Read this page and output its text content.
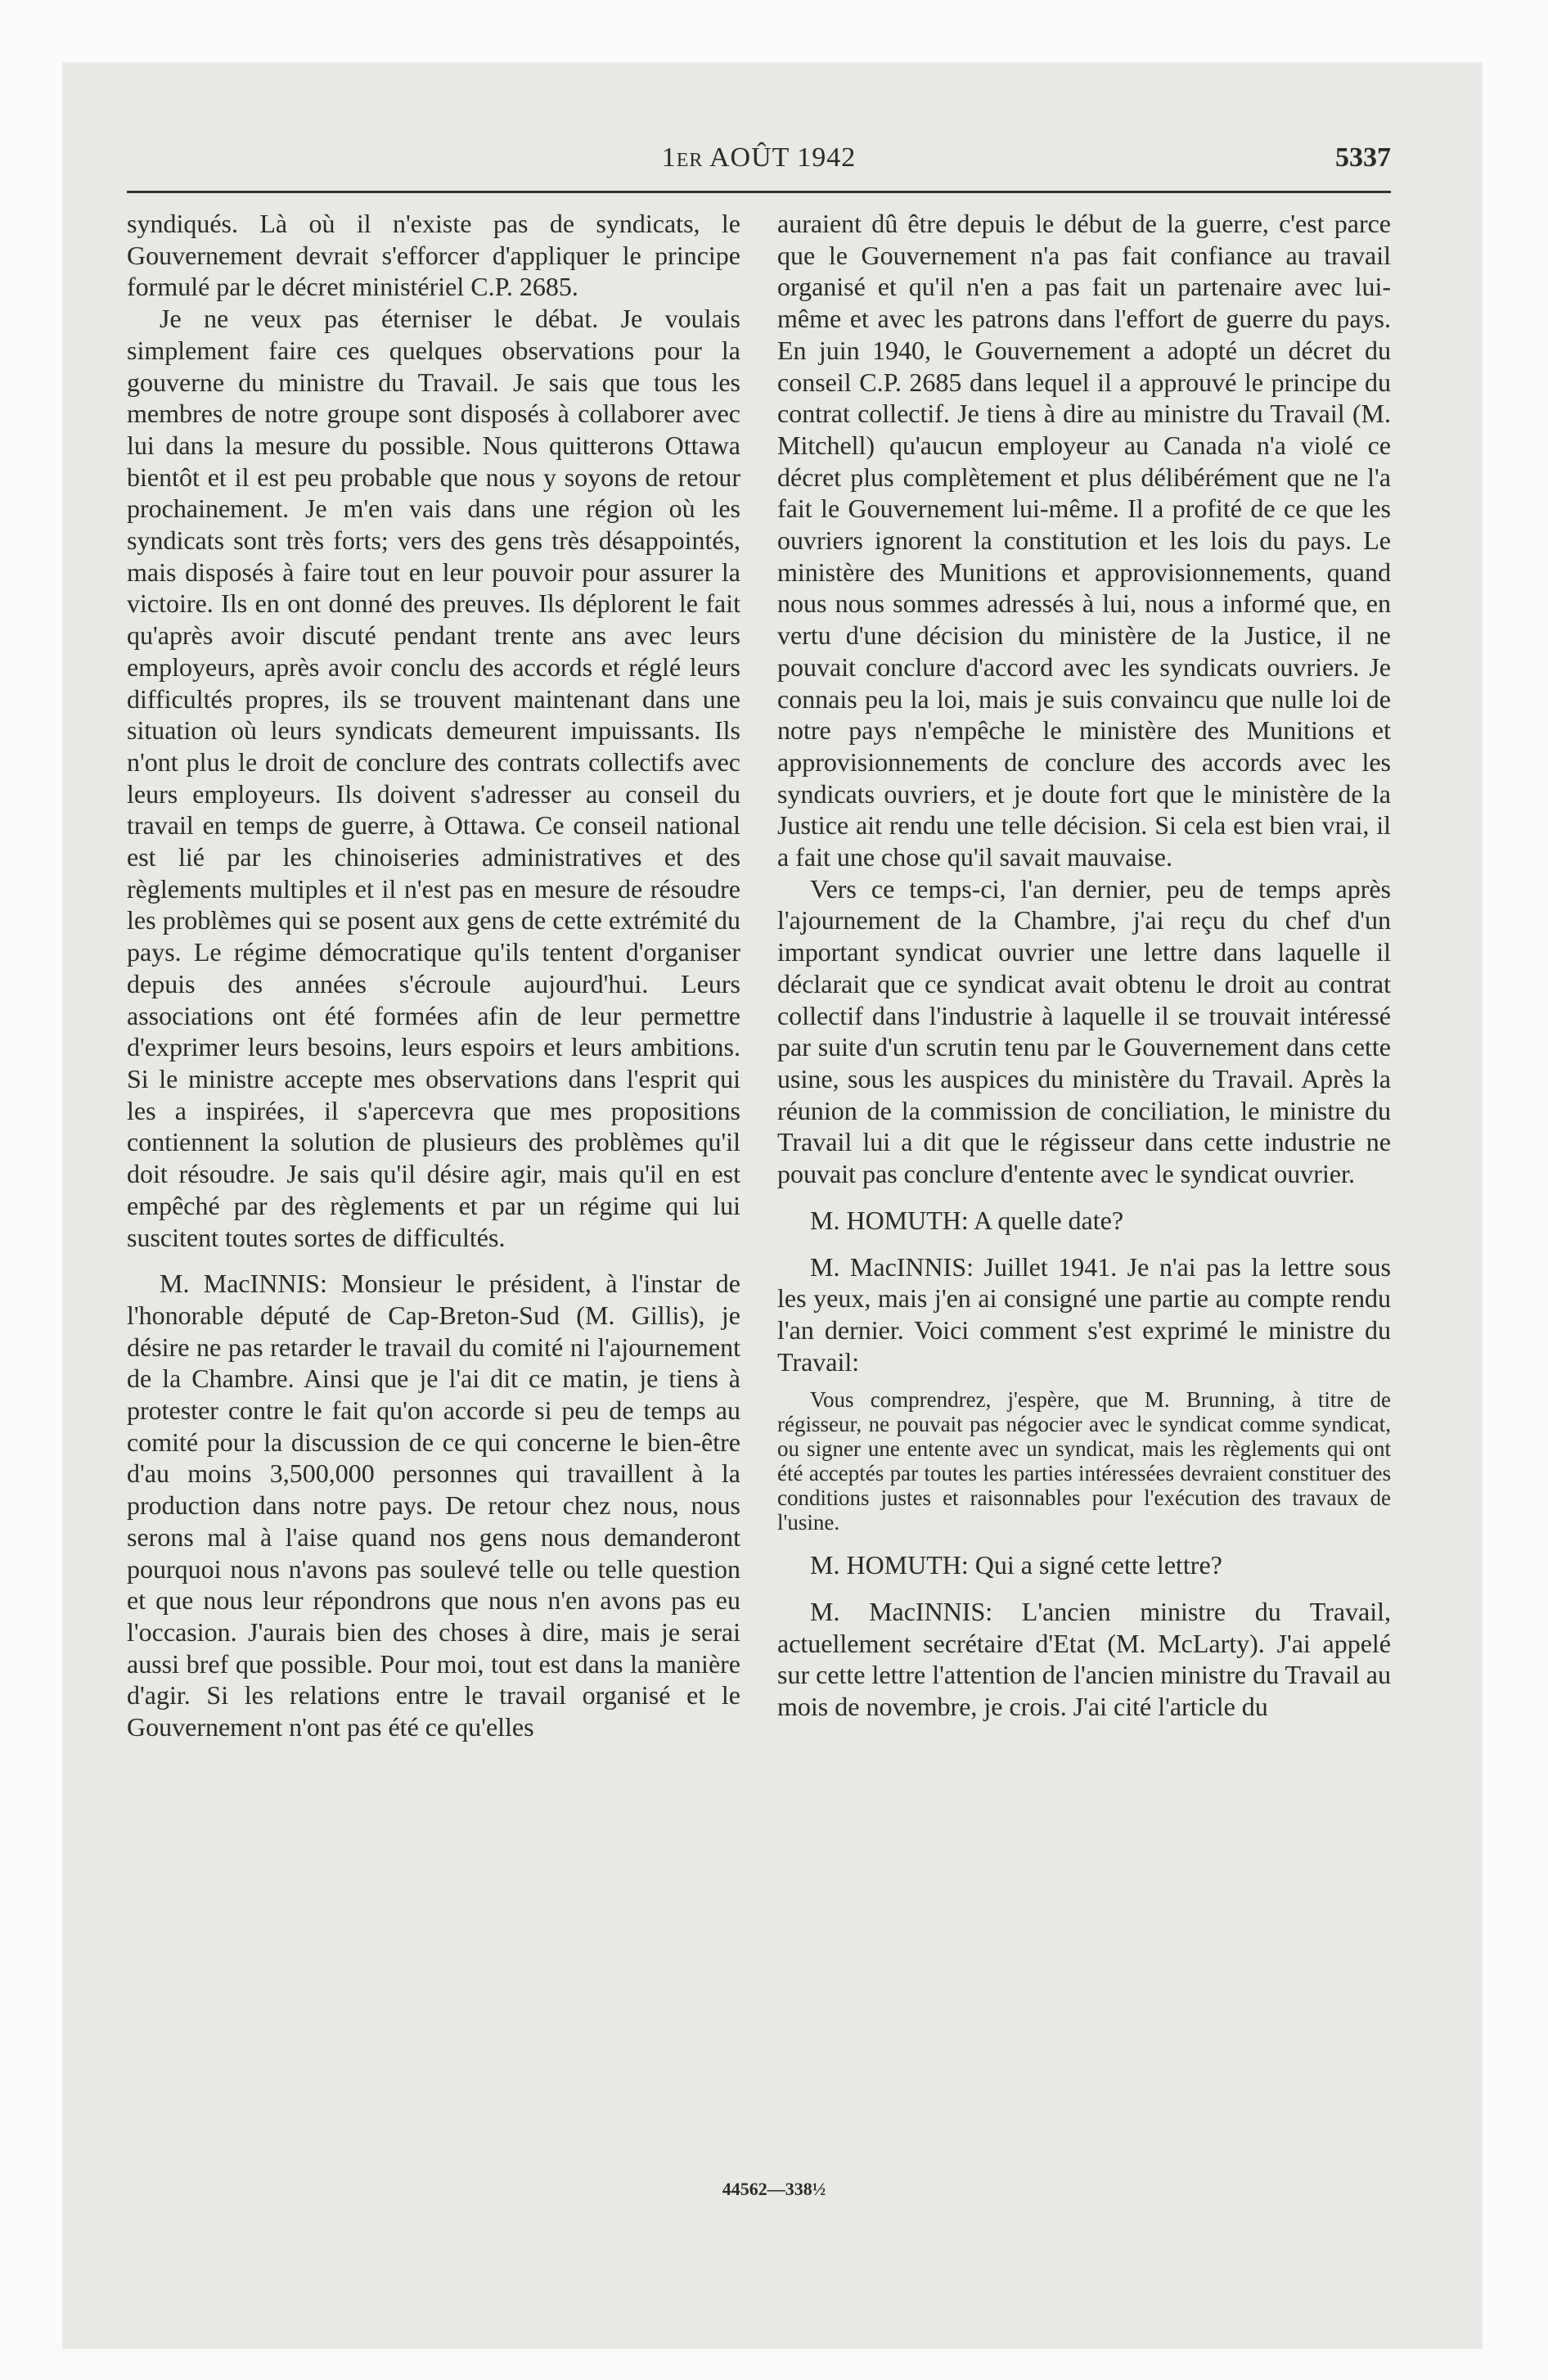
1ER AOÛT 1942	5337

syndiqués. Là où il n'existe pas de syndicats, le Gouvernement devrait s'efforcer d'appliquer le principe formulé par le décret ministériel C.P. 2685.

Je ne veux pas éterniser le débat. Je voulais simplement faire ces quelques observations pour la gouverne du ministre du Travail. Je sais que tous les membres de notre groupe sont disposés à collaborer avec lui dans la mesure du possible. Nous quitterons Ottawa bientôt et il est peu probable que nous y soyons de retour prochainement. Je m'en vais dans une région où les syndicats sont très forts; vers des gens très désappointés, mais disposés à faire tout en leur pouvoir pour assurer la victoire. Ils en ont donné des preuves. Ils déplorent le fait qu'après avoir discuté pendant trente ans avec leurs employeurs, après avoir conclu des accords et réglé leurs difficultés propres, ils se trouvent maintenant dans une situation où leurs syndicats demeurent impuissants. Ils n'ont plus le droit de conclure des contrats collectifs avec leurs employeurs. Ils doivent s'adresser au conseil du travail en temps de guerre, à Ottawa. Ce conseil national est lié par les chinoiseries administratives et des règlements multiples et il n'est pas en mesure de résoudre les problèmes qui se posent aux gens de cette extrémité du pays. Le régime démocratique qu'ils tentent d'organiser depuis des années s'écroule aujourd'hui. Leurs associations ont été formées afin de leur permettre d'exprimer leurs besoins, leurs espoirs et leurs ambitions. Si le ministre accepte mes observations dans l'esprit qui les a inspirées, il s'apercevra que mes propositions contiennent la solution de plusieurs des problèmes qu'il doit résoudre. Je sais qu'il désire agir, mais qu'il en est empêché par des règlements et par un régime qui lui suscitent toutes sortes de difficultés.

M. MacINNIS: Monsieur le président, à l'instar de l'honorable député de Cap-Breton-Sud (M. Gillis), je désire ne pas retarder le travail du comité ni l'ajournement de la Chambre. Ainsi que je l'ai dit ce matin, je tiens à protester contre le fait qu'on accorde si peu de temps au comité pour la discussion de ce qui concerne le bien-être d'au moins 3,500,000 personnes qui travaillent à la production dans notre pays. De retour chez nous, nous serons mal à l'aise quand nos gens nous demanderont pourquoi nous n'avons pas soulevé telle ou telle question et que nous leur répondrons que nous n'en avons pas eu l'occasion. J'aurais bien des choses à dire, mais je serai aussi bref que possible. Pour moi, tout est dans la manière d'agir. Si les relations entre le travail organisé et le Gouvernement n'ont pas été ce qu'elles

auraient dû être depuis le début de la guerre, c'est parce que le Gouvernement n'a pas fait confiance au travail organisé et qu'il n'en a pas fait un partenaire avec lui-même et avec les patrons dans l'effort de guerre du pays. En juin 1940, le Gouvernement a adopté un décret du conseil C.P. 2685 dans lequel il a approuvé le principe du contrat collectif. Je tiens à dire au ministre du Travail (M. Mitchell) qu'aucun employeur au Canada n'a violé ce décret plus complètement et plus délibérément que ne l'a fait le Gouvernement lui-même. Il a profité de ce que les ouvriers ignorent la constitution et les lois du pays. Le ministère des Munitions et approvisionnements, quand nous nous sommes adressés à lui, nous a informé que, en vertu d'une décision du ministère de la Justice, il ne pouvait conclure d'accord avec les syndicats ouvriers. Je connais peu la loi, mais je suis convaincu que nulle loi de notre pays n'empêche le ministère des Munitions et approvisionnements de conclure des accords avec les syndicats ouvriers, et je doute fort que le ministère de la Justice ait rendu une telle décision. Si cela est bien vrai, il a fait une chose qu'il savait mauvaise.

Vers ce temps-ci, l'an dernier, peu de temps après l'ajournement de la Chambre, j'ai reçu du chef d'un important syndicat ouvrier une lettre dans laquelle il déclarait que ce syndicat avait obtenu le droit au contrat collectif dans l'industrie à laquelle il se trouvait intéressé par suite d'un scrutin tenu par le Gouvernement dans cette usine, sous les auspices du ministère du Travail. Après la réunion de la commission de conciliation, le ministre du Travail lui a dit que le régisseur dans cette industrie ne pouvait pas conclure d'entente avec le syndicat ouvrier.

M. HOMUTH: A quelle date?

M. MacINNIS: Juillet 1941. Je n'ai pas la lettre sous les yeux, mais j'en ai consigné une partie au compte rendu l'an dernier. Voici comment s'est exprimé le ministre du Travail:

Vous comprendrez, j'espère, que M. Brunning, à titre de régisseur, ne pouvait pas négocier avec le syndicat comme syndicat, ou signer une entente avec un syndicat, mais les règlements qui ont été acceptés par toutes les parties intéressées devraient constituer des conditions justes et raisonnables pour l'exécution des travaux de l'usine.

M. HOMUTH: Qui a signé cette lettre?

M. MacINNIS: L'ancien ministre du Travail, actuellement secrétaire d'Etat (M. McLarty). J'ai appelé sur cette lettre l'attention de l'ancien ministre du Travail au mois de novembre, je crois. J'ai cité l'article du

44562—338½
